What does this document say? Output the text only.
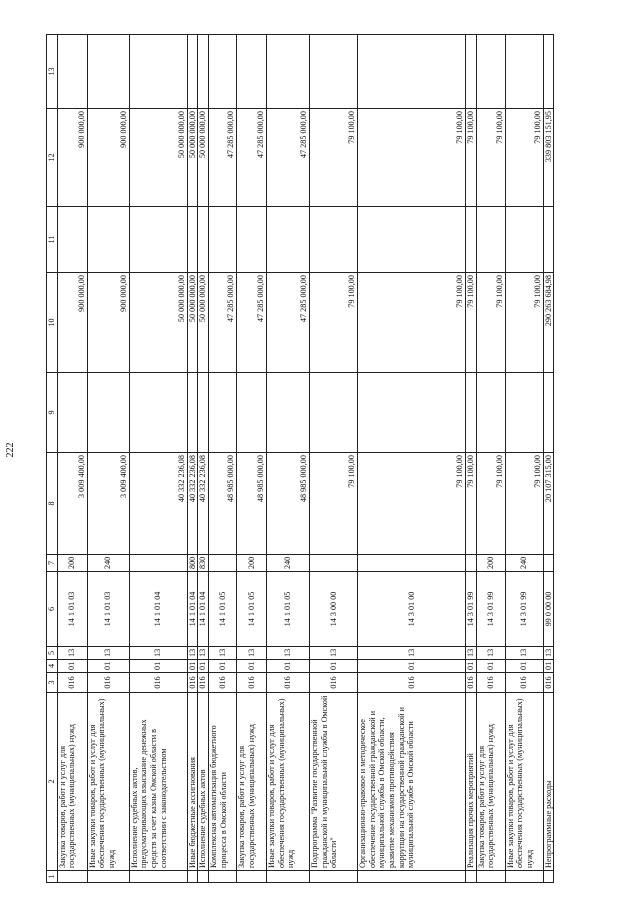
222
1	2	3	4	5	6	7	8	9	10	11	12	13
	Закупка товаров, работ и услуг для государственных (муниципальных) нужд	016	01	13	14 1 01 03	200	3 009 400,00		900 000,00		900 000,00	
	Иные закупки товаров, работ и услуг для обеспечения государственных (муниципальных) нужд	016	01	13	14 1 01 03	240	3 009 400,00		900 000,00		900 000,00	
	Исполнение судебных актов, предусматривающих взыскание денежных средств за счет казны Омской области в соответствии с законодательством	016	01	13	14 1 01 04		40 332 236,08		50 000 000,00		50 000 000,00	
	Иные бюджетные ассигнования	016	01	13	14 1 01 04	800	40 332 236,08		50 000 000,00		50 000 000,00	
	Исполнение судебных актов	016	01	13	14 1 01 04	830	40 332 236,08		50 000 000,00		50 000 000,00	
	Комплексная автоматизация бюджетного процесса в Омской области	016	01	13	14 1 01 05		48 985 000,00		47 285 000,00		47 285 000,00	
	Закупка товаров, работ и услуг для государственных (муниципальных) нужд	016	01	13	14 1 01 05	200	48 985 000,00		47 285 000,00		47 285 000,00	
	Иные закупки товаров, работ и услуг для обеспечения государственных (муниципальных) нужд	016	01	13	14 1 01 05	240	48 985 000,00		47 285 000,00		47 285 000,00	
	Подпрограмма "Развитие государственной гражданской и муниципальной службы в Омской области"	016	01	13	14 3 00 00		79 100,00		79 100,00		79 100,00	
	Организационно-правовое и методическое обеспечение государственной гражданской и муниципальной службы в Омской области, развитие механизмов противодействия коррупции на государственной гражданской и муниципальной службе в Омской области	016	01	13	14 3 01 00		79 100,00		79 100,00		79 100,00	
	Реализация прочих мероприятий	016	01	13	14 3 01 99		79 100,00		79 100,00		79 100,00	
	Закупка товаров, работ и услуг для государственных (муниципальных) нужд	016	01	13	14 3 01 99	200	79 100,00		79 100,00		79 100,00	
	Иные закупки товаров, работ и услуг для обеспечения государственных (муниципальных) нужд	016	01	13	14 3 01 99	240	79 100,00		79 100,00		79 100,00	
	Непрограммные расходы	016	01	13	99 0 00 00		20 107 315,00		290 263 684,98		339 803 151,95	
